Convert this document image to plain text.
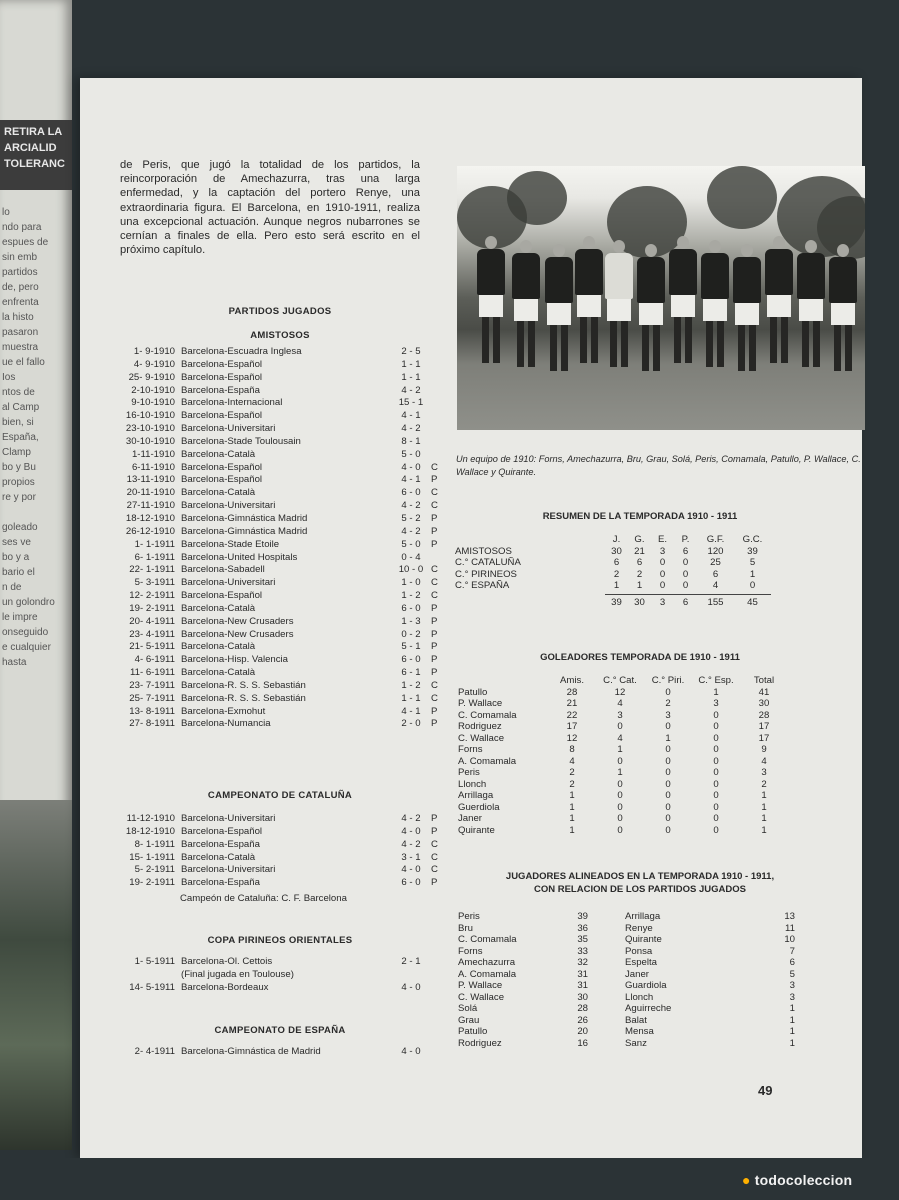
RETIRA LA
ARCIALID
TOLERANC
lo
ndo para
espues de
sin emb
partidos
de, pero
enfrenta
la histo
pasaron
muestra
ue el fallo
Ios
ntos de
al Camp
bien, si
España,
Clamp
bo y Bu
propios
re y por

goleado
ses ve
bo y a
bario el
n de
un golondro
le impre
onseguido
e cualquier
hasta

de Peris, que jugó la totalidad de los partidos, la reincorporación de Amechazurra, tras una larga enfermedad, y la captación del portero Renye, una extraordinaria figura. El Barcelona, en 1910-1911, realiza una excepcional actuación. Aunque negros nubarrones se cernían a finales de ella. Pero esto será escrito en el próximo capítulo.

PARTIDOS JUGADOS
AMISTOSOS
1- 9-1910 Barcelona-Escuadra Inglesa	2 - 5
4- 9-1910 Barcelona-Español	1 - 1
25- 9-1910 Barcelona-Español	1 - 1
2-10-1910 Barcelona-España	4 - 2
9-10-1910 Barcelona-Internacional	15 - 1
16-10-1910 Barcelona-Español	4 - 1
23-10-1910 Barcelona-Universitari	4 - 2
30-10-1910 Barcelona-Stade Toulousain	8 - 1
1-11-1910 Barcelona-Català	5 - 0
6-11-1910 Barcelona-Español	4 - 0	C
13-11-1910 Barcelona-Español	4 - 1	P
20-11-1910 Barcelona-Català	6 - 0	C
27-11-1910 Barcelona-Universitari	4 - 2	C
18-12-1910 Barcelona-Gimnástica Madrid	5 - 2	P
26-12-1910 Barcelona-Gimnástica Madrid	4 - 2	P
1- 1-1911 Barcelona-Stade Etoile	5 - 0	P
6- 1-1911 Barcelona-United Hospitals	0 - 4
22- 1-1911 Barcelona-Sabadell	10 - 0 C
5- 3-1911 Barcelona-Universitari	1 - 0	C
12- 2-1911 Barcelona-Español	1 - 2	C
19- 2-1911 Barcelona-Català	6 - 0	P
20- 4-1911 Barcelona-New Crusaders	1 - 3	P
23- 4-1911 Barcelona-New Crusaders	0 - 2	P
21- 5-1911 Barcelona-Català	5 - 1	P
4- 6-1911 Barcelona-Hisp. Valencia	6 - 0	P
11- 6-1911 Barcelona-Català	6 - 1	P
23- 7-1911 Barcelona-R. S. S. Sebastián	1 - 2	C
25- 7-1911 Barcelona-R. S. S. Sebastián	1 - 1	C
13- 8-1911 Barcelona-Exmohut	4 - 1	P
27- 8-1911 Barcelona-Numancia	2 - 0	P
CAMPEONATO DE CATALUÑA
11-12-1910 Barcelona-Universitari	4 - 2	P
18-12-1910 Barcelona-Español	4 - 0	P
8- 1-1911 Barcelona-España	4 - 2	C
15- 1-1911 Barcelona-Català	3 - 1	C
5- 2-1911 Barcelona-Universitari	4 - 0	C
19- 2-1911 Barcelona-España	6 - 0	P
Campeón de Cataluña: C. F. Barcelona
COPA PIRINEOS ORIENTALES
1- 5-1911 Barcelona-Ol. Cettois	2 - 1
(Final jugada en Toulouse)
14- 5-1911 Barcelona-Bordeaux	4 - 0
CAMPEONATO DE ESPAÑA
2- 4-1911 Barcelona-Gimnástica de Madrid	4 - 0
Un equipo de 1910: Forns, Amechazurra, Bru, Grau, Solá, Peris, Comamala, Patullo, P. Wallace, C. Wallace y Quirante.
RESUMEN DE LA TEMPORADA 1910 - 1911
J.	G.	E.	P.	G.F.	G.C.
AMISTOSOS	30	21	3	6	120	39
C.° CATALUÑA	6	6	0	0	25	5
C.° PIRINEOS	2	2	0	0	6	1
C.° ESPAÑA	1	1	0	0	4	0
39	30	3	6	155	45
GOLEADORES TEMPORADA DE 1910 - 1911
Amis.	C.° Cat.	C.° Piri.	C.° Esp.	Total
Patullo	28	12	0	1	41
P. Wallace	21	4	2	3	30
C. Comamala	22	3	3	0	28
Rodriguez	17	0	0	0	17
C. Wallace	12	4	1	0	17
Forns	8	1	0	0	9
A. Comamala	4	0	0	0	4
Peris	2	1	0	0	3
Llonch	2	0	0	0	2
Arrillaga	1	0	0	0	1
Guerdiola	1	0	0	0	1
Janer	1	0	0	0	1
Quirante	1	0	0	0	1
JUGADORES ALINEADOS EN LA TEMPORADA 1910 - 1911,
CON RELACION DE LOS PARTIDOS JUGADOS
Peris	39
Bru	36
C. Comamala	35
Forns	33
Amechazurra	32
A. Comamala	31
P. Wallace	31
C. Wallace	30
Solá	28
Grau	26
Patullo	20
Rodriguez	16
Arrillaga	13
Renye	11
Quirante	10
Ponsa	7
Espelta	6
Janer	5
Guardiola	3
Llonch	3
Aguirreche	1
Balat	1
Mensa	1
Sanz	1
49
● todocoleccion
